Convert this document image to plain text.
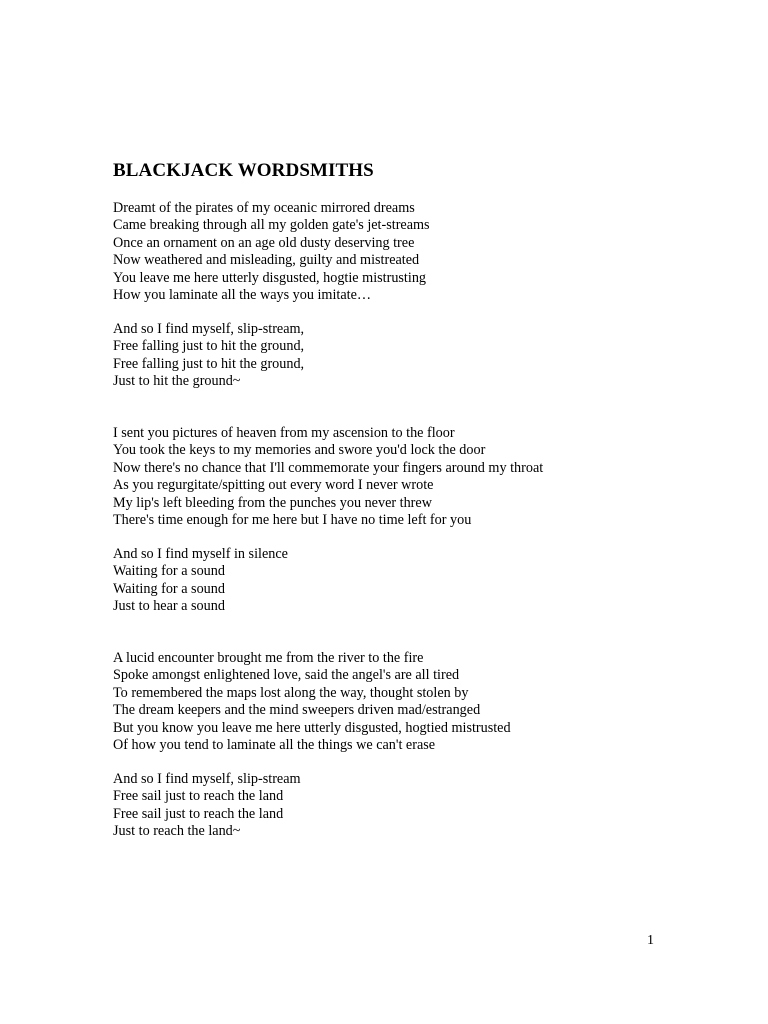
BLACKJACK WORDSMITHS
Dreamt of the pirates of my oceanic mirrored dreams
Came breaking through all my golden gate's jet-streams
Once an ornament on an age old dusty deserving tree
Now weathered and misleading, guilty and mistreated
You leave me here utterly disgusted, hogtie mistrusting
How you laminate all the ways you imitate…
And so I find myself, slip-stream,
Free falling just to hit the ground,
Free falling just to hit the ground,
Just to hit the ground~
I sent you pictures of heaven from my ascension to the floor
You took the keys to my memories and swore you'd lock the door
Now there's no chance that I'll commemorate your fingers around my throat
As you regurgitate/spitting out every word I never wrote
My lip's left bleeding from the punches you never threw
There's time enough for me here but I have no time left for you
And so I find myself in silence
Waiting for a sound
Waiting for a sound
Just to hear a sound
A lucid encounter brought me from the river to the fire
Spoke amongst enlightened love, said the angel's are all tired
To remembered the maps lost along the way, thought stolen by
The dream keepers and the mind sweepers driven mad/estranged
But you know you leave me here utterly disgusted, hogtied mistrusted
Of how you tend to laminate all the things we can't erase
And so I find myself, slip-stream
Free sail just to reach the land
Free sail just to reach the land
Just to reach the land~
1
